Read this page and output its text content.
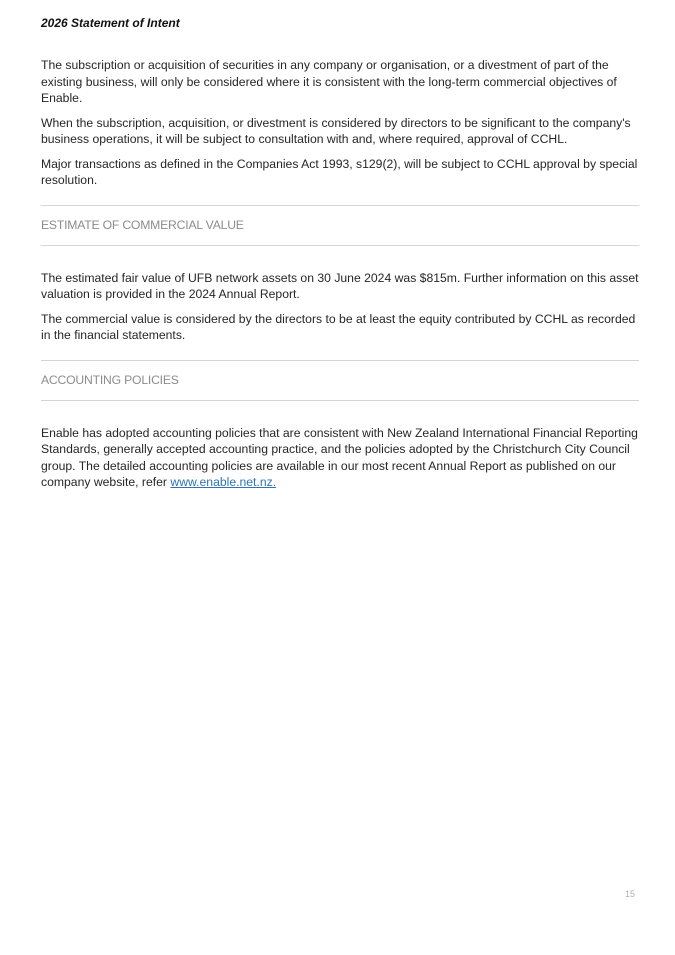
2026 Statement of Intent

The subscription or acquisition of securities in any company or organisation, or a divestment of part of the existing business, will only be considered where it is consistent with the long-term commercial objectives of Enable.

When the subscription, acquisition, or divestment is considered by directors to be significant to the company's business operations, it will be subject to consultation with and, where required, approval of CCHL.

Major transactions as defined in the Companies Act 1993, s129(2), will be subject to CCHL approval by special resolution.

ESTIMATE OF COMMERCIAL VALUE

The estimated fair value of UFB network assets on 30 June 2024 was $815m. Further information on this asset valuation is provided in the 2024 Annual Report.

The commercial value is considered by the directors to be at least the equity contributed by CCHL as recorded in the financial statements.

ACCOUNTING POLICIES

Enable has adopted accounting policies that are consistent with New Zealand International Financial Reporting Standards, generally accepted accounting practice, and the policies adopted by the Christchurch City Council group. The detailed accounting policies are available in our most recent Annual Report as published on our company website, refer www.enable.net.nz.

15
